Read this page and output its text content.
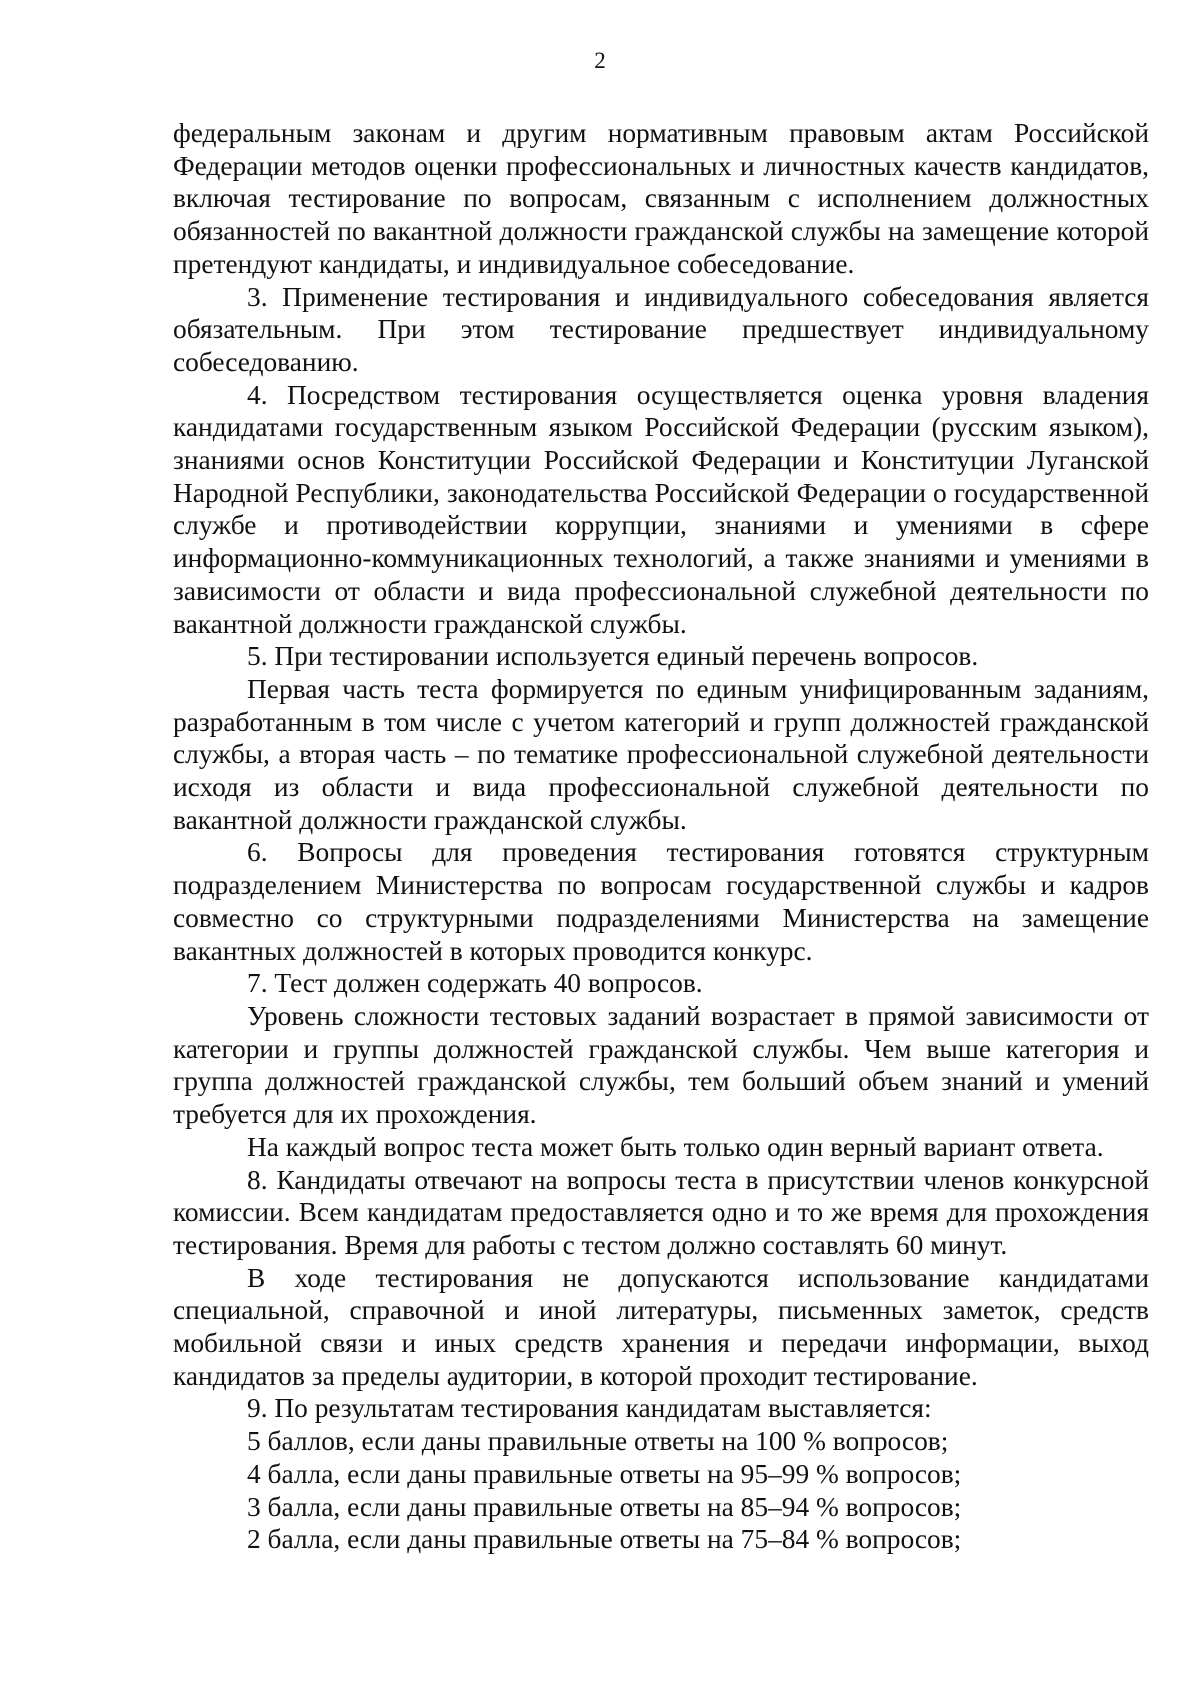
2

федеральным законам и другим нормативным правовым актам Российской Федерации методов оценки профессиональных и личностных качеств кандидатов, включая тестирование по вопросам, связанным с исполнением должностных обязанностей по вакантной должности гражданской службы на замещение которой претендуют кандидаты, и индивидуальное собеседование.

3. Применение тестирования и индивидуального собеседования является обязательным. При этом тестирование предшествует индивидуальному собеседованию.

4. Посредством тестирования осуществляется оценка уровня владения кандидатами государственным языком Российской Федерации (русским языком), знаниями основ Конституции Российской Федерации и Конституции Луганской Народной Республики, законодательства Российской Федерации о государственной службе и противодействии коррупции, знаниями и умениями в сфере информационно-коммуникационных технологий, а также знаниями и умениями в зависимости от области и вида профессиональной служебной деятельности по вакантной должности гражданской службы.

5. При тестировании используется единый перечень вопросов.

Первая часть теста формируется по единым унифицированным заданиям, разработанным в том числе с учетом категорий и групп должностей гражданской службы, а вторая часть – по тематике профессиональной служебной деятельности исходя из области и вида профессиональной служебной деятельности по вакантной должности гражданской службы.

6. Вопросы для проведения тестирования готовятся структурным подразделением Министерства по вопросам государственной службы и кадров совместно со структурными подразделениями Министерства на замещение вакантных должностей в которых проводится конкурс.

7. Тест должен содержать 40 вопросов.

Уровень сложности тестовых заданий возрастает в прямой зависимости от категории и группы должностей гражданской службы. Чем выше категория и группа должностей гражданской службы, тем больший объем знаний и умений требуется для их прохождения.

На каждый вопрос теста может быть только один верный вариант ответа.

8. Кандидаты отвечают на вопросы теста в присутствии членов конкурсной комиссии. Всем кандидатам предоставляется одно и то же время для прохождения тестирования. Время для работы с тестом должно составлять 60 минут.

В ходе тестирования не допускаются использование кандидатами специальной, справочной и иной литературы, письменных заметок, средств мобильной связи и иных средств хранения и передачи информации, выход кандидатов за пределы аудитории, в которой проходит тестирование.

9. По результатам тестирования кандидатам выставляется:

5 баллов, если даны правильные ответы на 100 % вопросов;

4 балла, если даны правильные ответы на 95–99 % вопросов;

3 балла, если даны правильные ответы на 85–94 % вопросов;

2 балла, если даны правильные ответы на 75–84 % вопросов;
